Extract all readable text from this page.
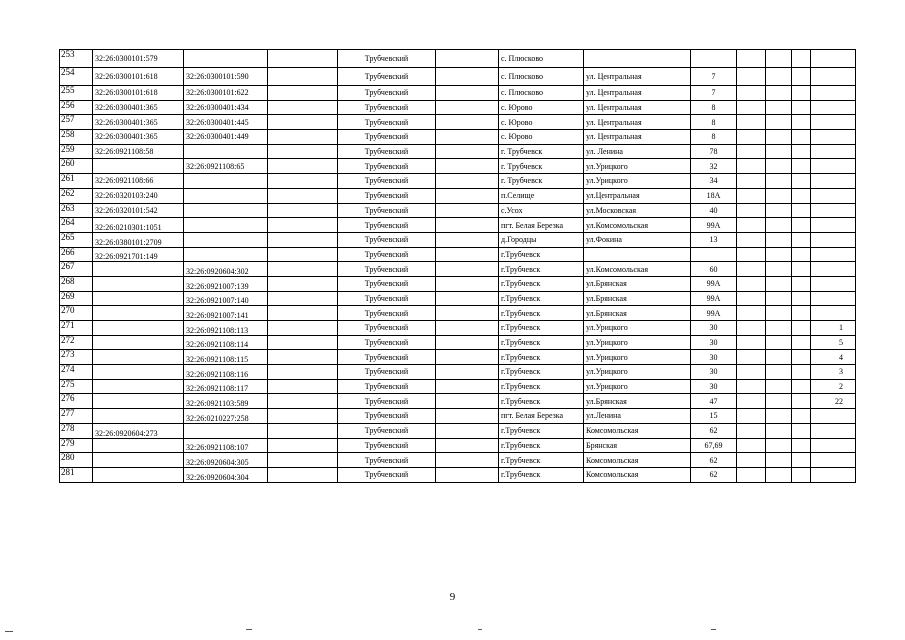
253	32:26:0300101:579			Трубчевский		с. Плюсково						
254	32:26:0300101:618	32:26:0300101:590		Трубчевский		с. Плюсково	ул. Центральная	7				
255	32:26:0300101:618	32:26:0300101:622		Трубчевский		с. Плюсково	ул. Центральная	7				
256	32:26:0300401:365	32:26:0300401:434		Трубчевский		с. Юрово	ул. Центральная	8				
257	32:26:0300401:365	32:26:0300401:445		Трубчевский		с. Юрово	ул. Центральная	8				
258	32:26:0300401:365	32:26:0300401:449		Трубчевский		с. Юрово	ул. Центральная	8				
259	32:26:0921108:58			Трубчевский		г. Трубчевск	ул. Ленина	78				
260		32:26:0921108:65		Трубчевский		г. Трубчевск	ул.Урицкого	32				
261	32:26:0921108:66			Трубчевский		г. Трубчевск	ул.Урицкого	34				
262	32:26:0320103:240			Трубчевский		п.Селище	ул.Центральная	18А				
263	32:26:0320101:542			Трубчевский		с.Усох	ул.Московская	40				
264	32:26:0210301:1051			Трубчевский		пгт. Белая Березка	ул.Комсомольская	99А				
265	32:26:0380101:2709			Трубчевский		д.Городцы	ул.Фокина	13				
266	32:26:0921701:149			Трубчевский		г.Трубчевск						
267		32:26:0920604:302		Трубчевский		г.Трубчевск	ул.Комсомольская	60				
268		32:26:0921007:139		Трубчевский		г.Трубчевск	ул.Брянская	99А				
269		32:26:0921007:140		Трубчевский		г.Трубчевск	ул.Брянская	99А				
270		32:26:0921007:141		Трубчевский		г.Трубчевск	ул.Брянская	99А				
271		32:26:0921108:113		Трубчевский		г.Трубчевск	ул.Урицкого	30				1
272		32:26:0921108:114		Трубчевский		г.Трубчевск	ул.Урицкого	30				5
273		32:26:0921108:115		Трубчевский		г.Трубчевск	ул.Урицкого	30				4
274		32:26:0921108:116		Трубчевский		г.Трубчевск	ул.Урицкого	30				3
275		32:26:0921108:117		Трубчевский		г.Трубчевск	ул.Урицкого	30				2
276		32:26:0921103:589		Трубчевский		г.Трубчевск	ул.Брянская	47				22
277		32:26:0210227:258		Трубчевский		пгт. Белая Березка	ул.Ленина	15				
278	32:26:0920604:273			Трубчевский		г.Трубчевск	Комсомольская	62				
279		32:26:0921108:107		Трубчевский		г.Трубчевск	Брянская	67,69				
280		32:26:0920604:305		Трубчевский		г.Трубчевск	Комсомольская	62				
281		32:26:0920604:304		Трубчевский		г.Трубчевск	Комсомольская	62				
9
